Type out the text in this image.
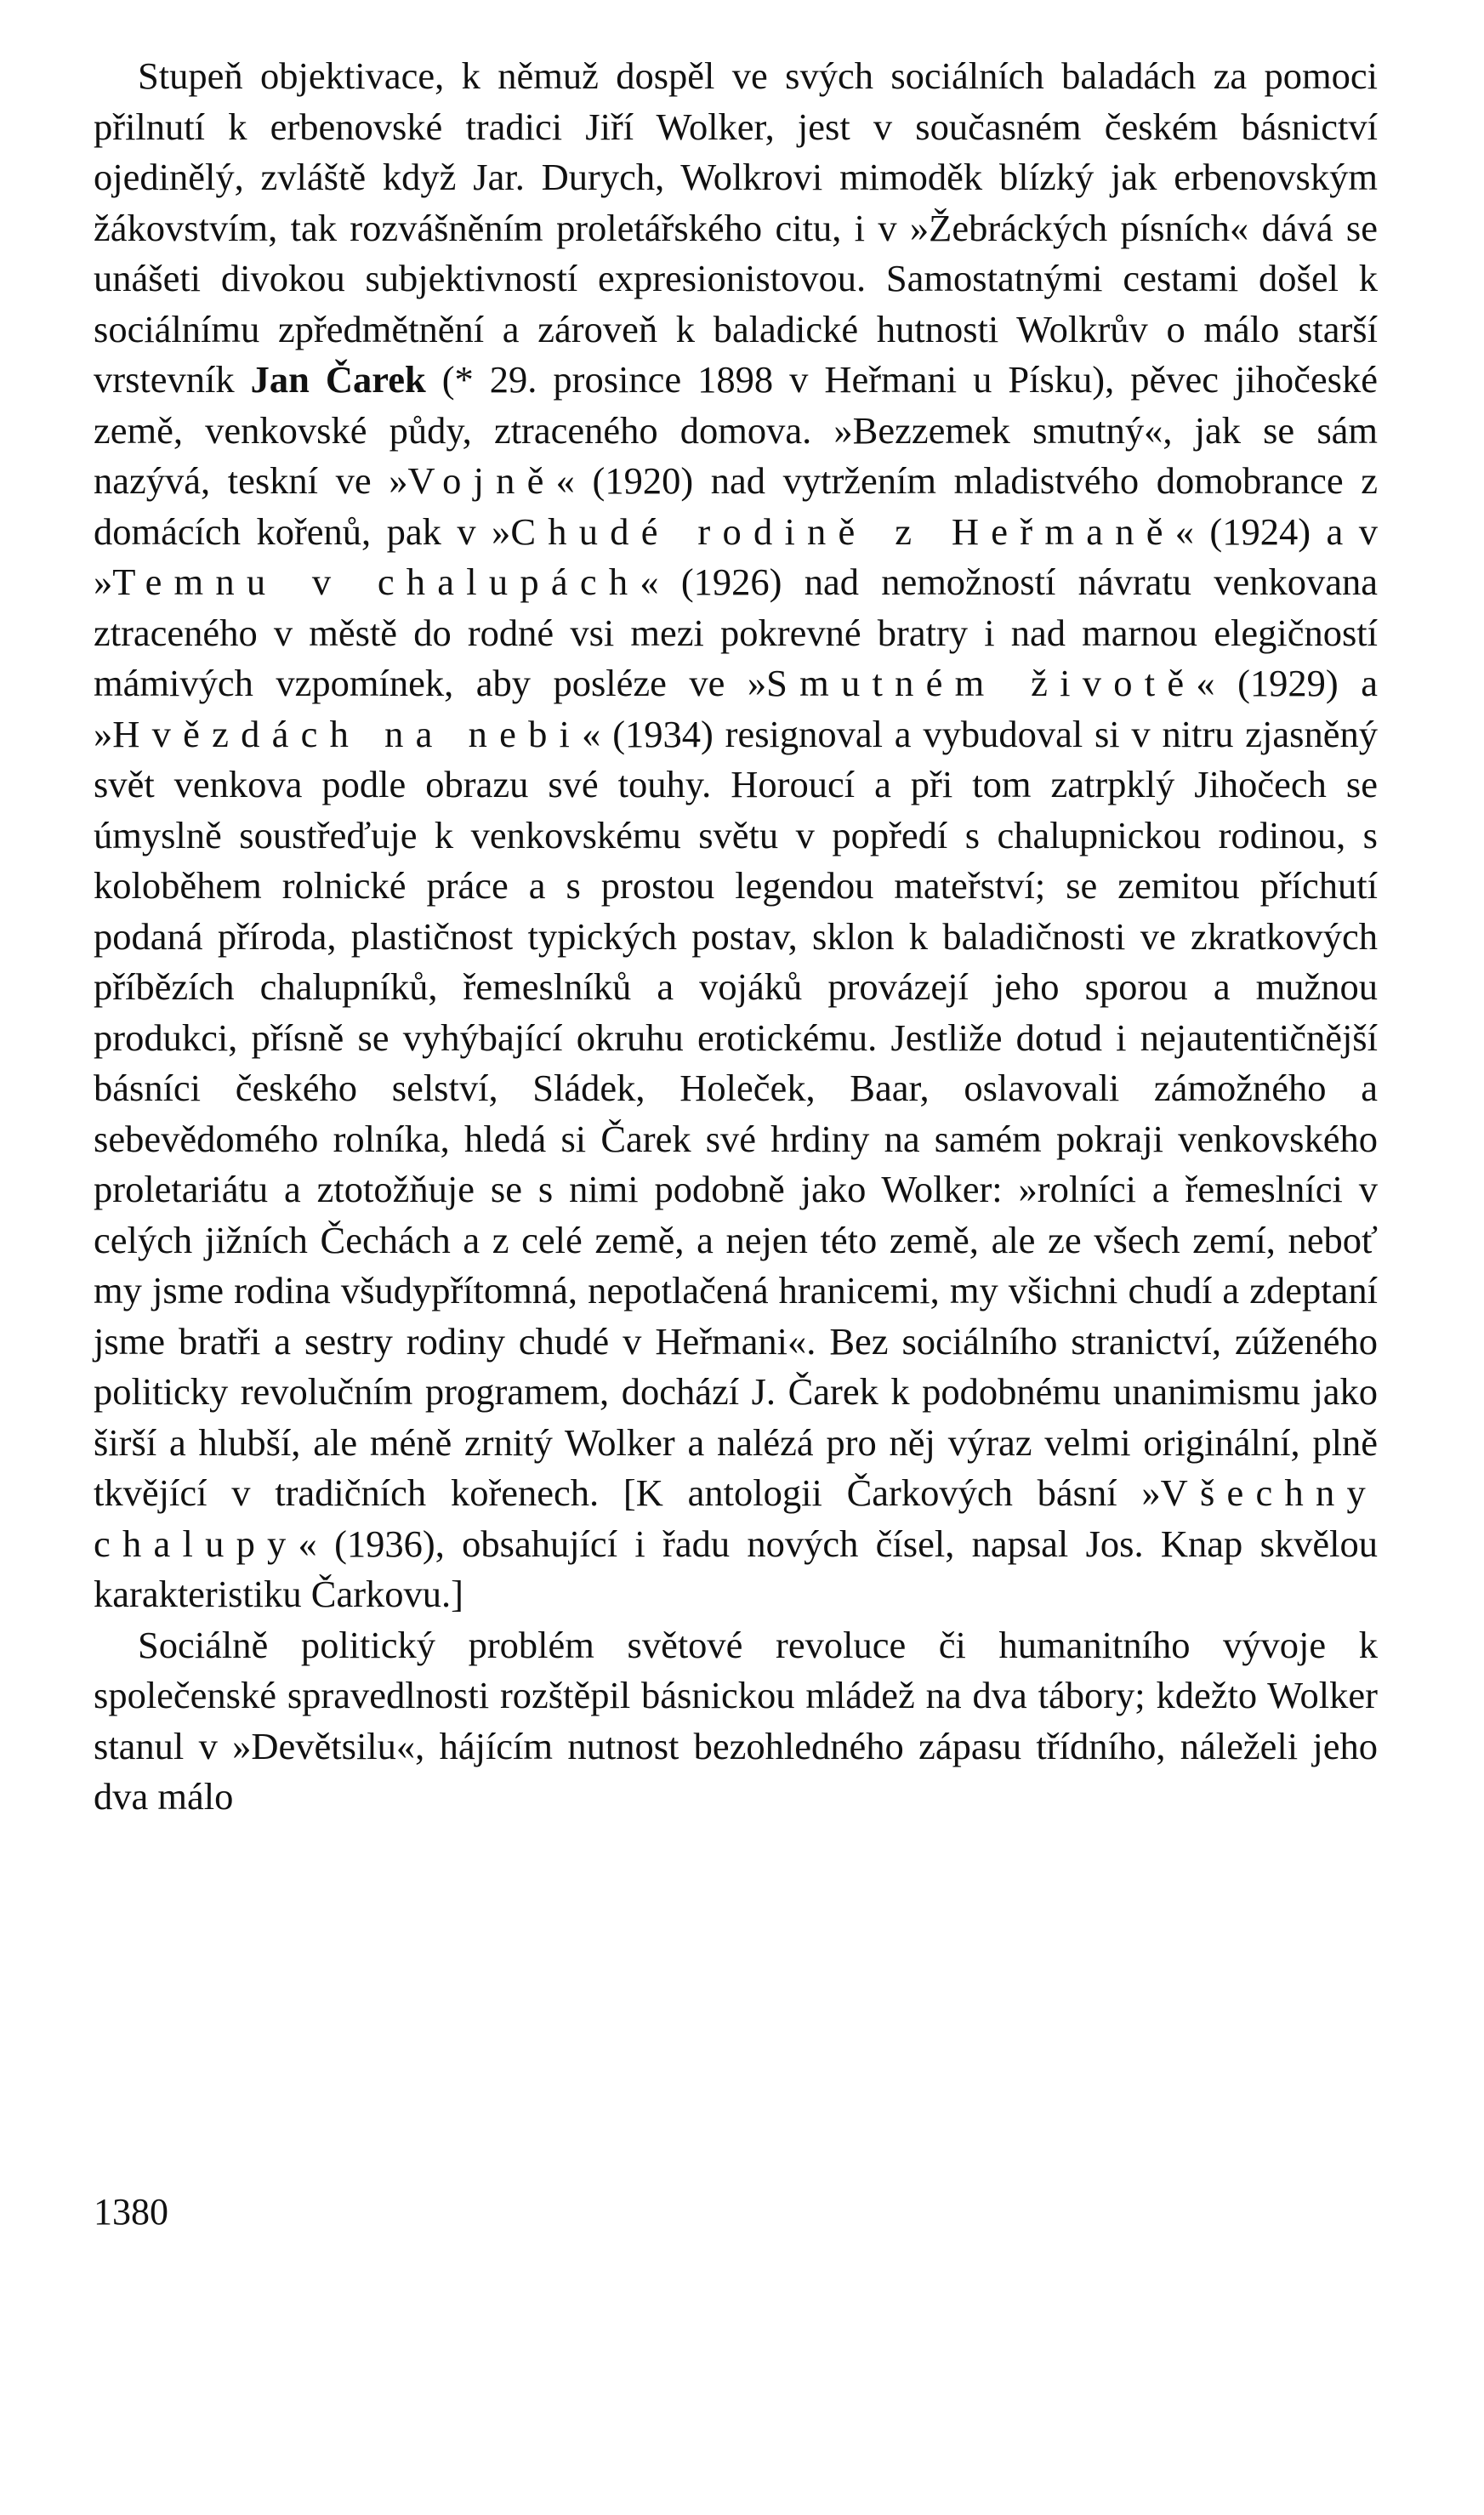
Stupeň objektivace, k němuž dospěl ve svých sociálních baladách za pomoci přilnutí k erbenovské tradici Jiří Wolker, jest v současném českém básnictví ojedinělý, zvláště když Jar. Durych, Wolkrovi mimoděk blízký jak erbenovským žákovstvím, tak rozvášněním proletářského citu, i v »Žebráckých písních« dává se unášeti divokou subjektivností expresionistovou. Samostatnými cestami došel k sociálnímu zpředmětnění a zároveň k baladické hutnosti Wolkrův o málo starší vrstevník Jan Čarek (* 29. prosince 1898 v Heřmani u Písku), pěvec jihočeské země, venkovské půdy, ztraceného domova. »Bezzemek smutný«, jak se sám nazývá, teskní ve »Vojně« (1920) nad vytržením mladistvého domobrance z domácích kořenů, pak v »Chudé rodině z Heřmaně« (1924) a v »Temnu v chalupách« (1926) nad nemožností návratu venkovana ztraceného v městě do rodné vsi mezi pokrevné bratry i nad marnou elegičností mámivých vzpomínek, aby posléze ve »Smutném životě« (1929) a »Hvězdách na nebi« (1934) resignoval a vybudoval si v nitru zjasněný svět venkova podle obrazu své touhy. Horoucí a při tom zatrpklý Jihočech se úmyslně soustřeďuje k venkovskému světu v popředí s chalupnickou rodinou, s koloběhem rolnické práce a s prostou legendou mateřství; se zemitou příchutí podaná příroda, plastičnost typických postav, sklon k baladičnosti ve zkratkových příbězích chalupníků, řemeslníků a vojáků provázejí jeho sporou a mužnou produkci, přísně se vyhýbající okruhu erotickému. Jestliže dotud i nejautentičnější básníci českého selství, Sládek, Holeček, Baar, oslavovali zámožného a sebevědomého rolníka, hledá si Čarek své hrdiny na samém pokraji venkovského proletariátu a ztotožňuje se s nimi podobně jako Wolker: »rolníci a řemeslníci v celých jižních Čechách a z celé země, a nejen této země, ale ze všech zemí, neboť my jsme rodina všudypřítomná, nepotlačená hranicemi, my všichni chudí a zdeptaní jsme bratři a sestry rodiny chudé v Heřmani«. Bez sociálního stranictví, zúženého politicky revolučním programem, dochází J. Čarek k podobnému unanimismu jako širší a hlubší, ale méně zrnitý Wolker a nalézá pro něj výraz velmi originální, plně tkvějící v tradičních kořenech. [K antologii Čarkových básní »Všechny chalupy« (1936), obsahující i řadu nových čísel, napsal Jos. Knap skvělou karakteristiku Čarkovu.]

Sociálně politický problém světové revoluce či humanitního vývoje k společenské spravedlnosti rozštěpil básnickou mládež na dva tábory; kdežto Wolker stanul v »Devětsilu«, hájícím nutnost bezohledného zápasu třídního, náleželi jeho dva málo

1380
